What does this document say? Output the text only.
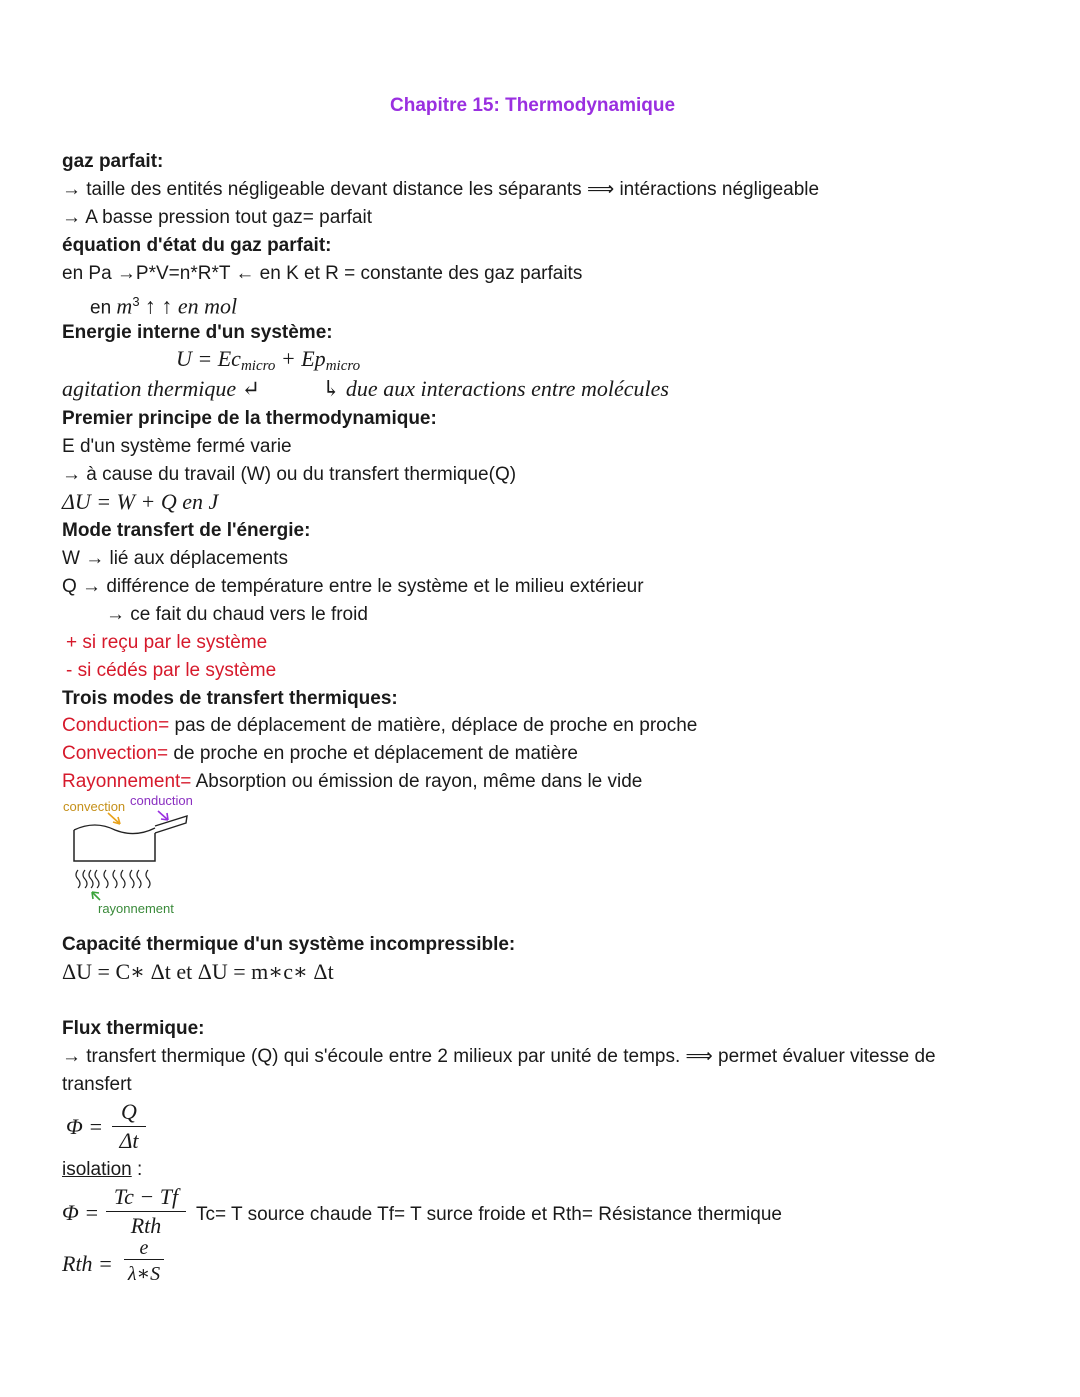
Chapitre 15: Thermodynamique
gaz parfait:
→ taille des entités négligeable devant distance les séparants ⟹ intéractions négligeable
→ A basse pression tout gaz= parfait
équation d'état du gaz parfait:
en Pa →P*V=n*R*T ← en K et R = constante des gaz parfaits
en $m^3$ ↑ ↑ en mol
Energie interne d'un système:
$U = Ec_{micro} + Ep_{micro}$
agitation thermique ↵	↳ due aux interactions entre molécules
Premier principe de la thermodynamique:
E d'un système fermé varie
→ à cause du travail (W) ou du transfert thermique(Q)
ΔU = W + Q en J
Mode transfert de l'énergie:
W → lié aux déplacements
Q → différence de température entre le système et le milieu extérieur
→ ce fait du chaud vers le froid
+ si reçu par le système
- si cédés par le système
Trois modes de transfert thermiques:
Conduction= pas de déplacement de matière, déplace de proche en proche
Convection= de proche en proche et déplacement de matière
Rayonnement= Absorption ou émission de rayon, même dans le vide
convection conduction
rayonnement
Capacité thermique d'un système incompressible:
ΔU = C∗ Δt et ΔU = m∗c∗ Δt
Flux thermique:
→ transfert thermique (Q) qui s'écoule entre 2 milieux par unité de temps. ⟹ permet évaluer vitesse de
transfert
Φ =
Q
Δt
isolation :
Φ =
Tc − Tf
Rth	Tc= T source chaude Tf= T surce froide et Rth= Résistance thermique
Rth =
e
λ∗S
